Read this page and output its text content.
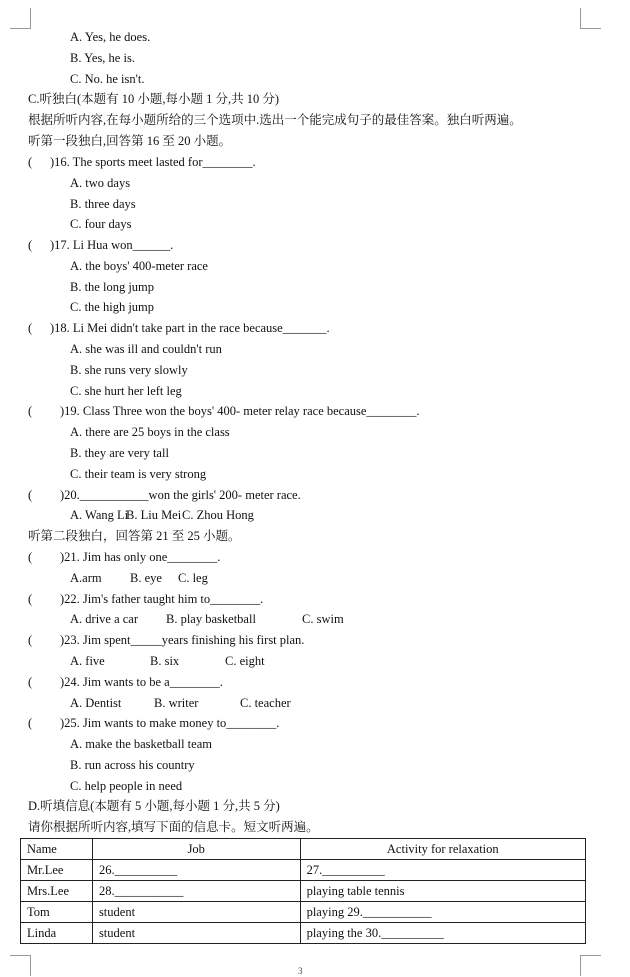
A. Yes, he does.
B. Yes, he is.
C. No. he isn't.
C.听独白(本题有 10 小题,每小题 1 分,共 10 分)
根据所听内容,在每小题所给的三个选项中.选出一个能完成句子的最佳答案。独白听两遍。
听第一段独白,回答第 16 至 20 小题。
( )16. The sports meet lasted for________.
A. two days
B. three days
C. four days
( )17. Li Hua won______.
A. the boys' 400-meter race
B. the long jump
C. the high jump
( )18. Li Mei didn't take part in the race because_______.
A. she was ill and couldn't run
B. she runs very slowly
C. she hurt her left leg
( )19. Class Three won the boys' 400- meter relay race because________.
A. there are 25 boys in the class
B. they are very tall
C. their team is very strong
( )20.___________won the girls' 200- meter race.
A. Wang LiB. Liu MeiC. Zhou Hong
听第二段独白，回答第 21 至 25 小题。
( )21. Jim has only one________.
A.arm B. eye C. leg
( )22. Jim's father taught him to________.
A. drive a car B. play basketball	C. swim
( )23. Jim spent_____years finishing his first plan.
A. five	B. six	C. eight
( )24. Jim wants to be a________.
A. Dentist	B. writer	C. teacher
( )25. Jim wants to make money to________.
A. make the basketball team
B. run across his country
C. help people in need
D.听填信息(本题有 5 小题,每小题 1 分,共 5 分)
请你根据所听内容,填写下面的信息卡。短文听两遍。
Name	Job	Activity for relaxation
Mr.Lee	26.__________	27.__________
Mrs.Lee	28.___________	playing table tennis
Tom	student	playing 29.___________
Linda	student	playing the 30.__________
3
